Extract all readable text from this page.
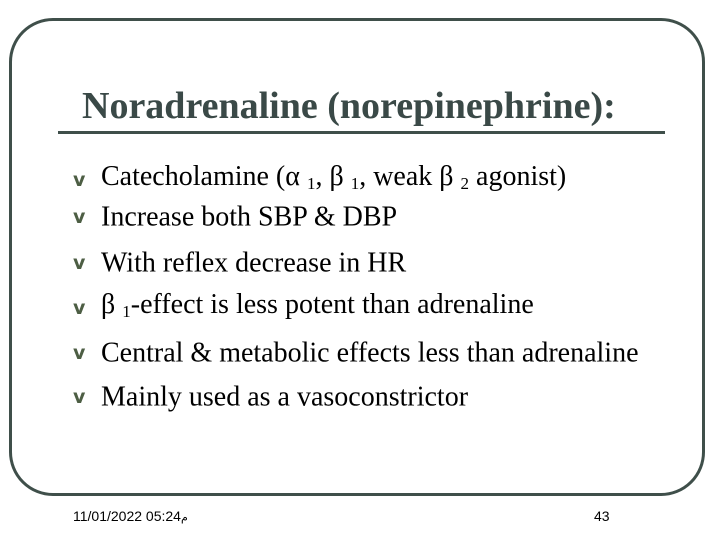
Noradrenaline (norepinephrine):
v Catecholamine (α $_1$, β $_1$, weak β $_2$ agonist)
v Increase both SBP & DBP
v With reflex decrease in HR
v β $_1$-effect is less potent than adrenaline
v Central & metabolic effects less than adrenaline
v Mainly used as a vasoconstrictor
م05:24 11/01/2022	43
